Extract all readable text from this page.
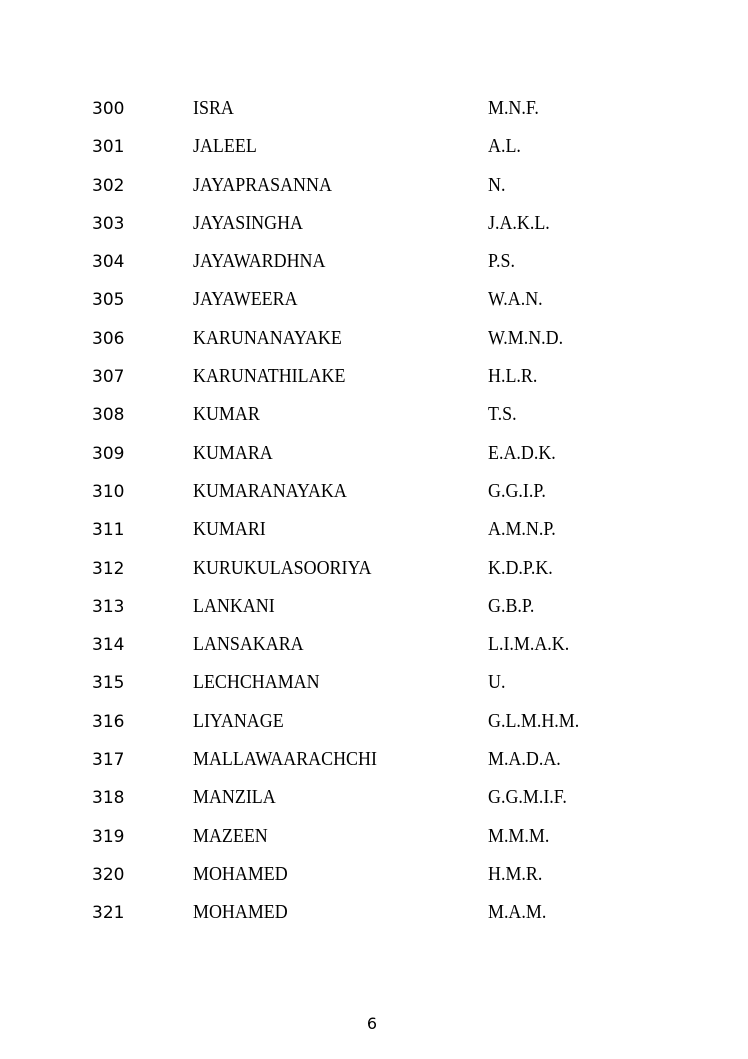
300	ISRA	M.N.F.
301	JALEEL	A.L.
302	JAYAPRASANNA	N.
303	JAYASINGHA	J.A.K.L.
304	JAYAWARDHNA	P.S.
305	JAYAWEERA	W.A.N.
306	KARUNANAYAKE	W.M.N.D.
307	KARUNATHILAKE	H.L.R.
308	KUMAR	T.S.
309	KUMARA	E.A.D.K.
310	KUMARANAYAKA	G.G.I.P.
311	KUMARI	A.M.N.P.
312	KURUKULASOORIYA	K.D.P.K.
313	LANKANI	G.B.P.
314	LANSAKARA	L.I.M.A.K.
315	LECHCHAMAN	U.
316	LIYANAGE	G.L.M.H.M.
317	MALLAWAARACHCHI	M.A.D.A.
318	MANZILA	G.G.M.I.F.
319	MAZEEN	M.M.M.
320	MOHAMED	H.M.R.
321	MOHAMED	M.A.M.
6
